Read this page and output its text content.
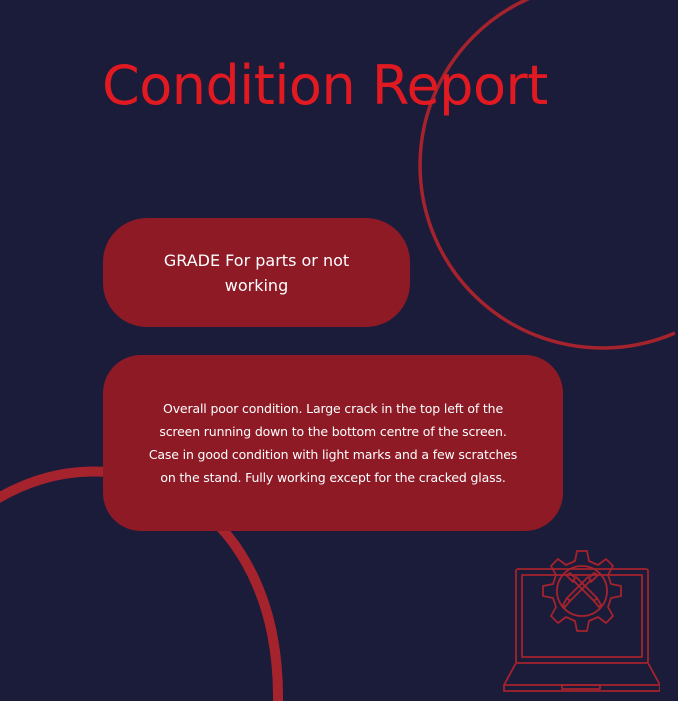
Condition Report
GRADE For parts or not working
Overall poor condition. Large crack in the top left of the screen running down to the bottom centre of the screen. Case in good condition with light marks and a few scratches on the stand. Fully working except for the cracked glass.
